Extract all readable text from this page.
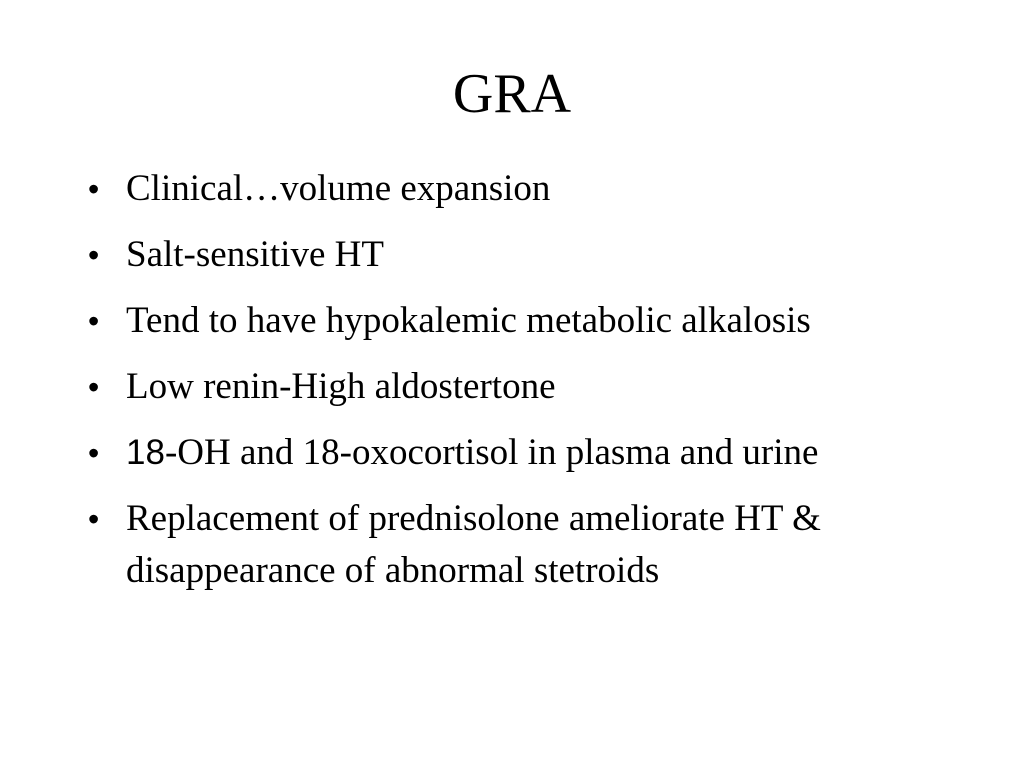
GRA
• Clinical…volume expansion
• Salt-sensitive HT
• Tend to have hypokalemic metabolic alkalosis
• Low renin-High aldostertone
• 18-OH and 18-oxocortisol in plasma and urine
• Replacement of prednisolone ameliorate HT & disappearance of abnormal stetroids
